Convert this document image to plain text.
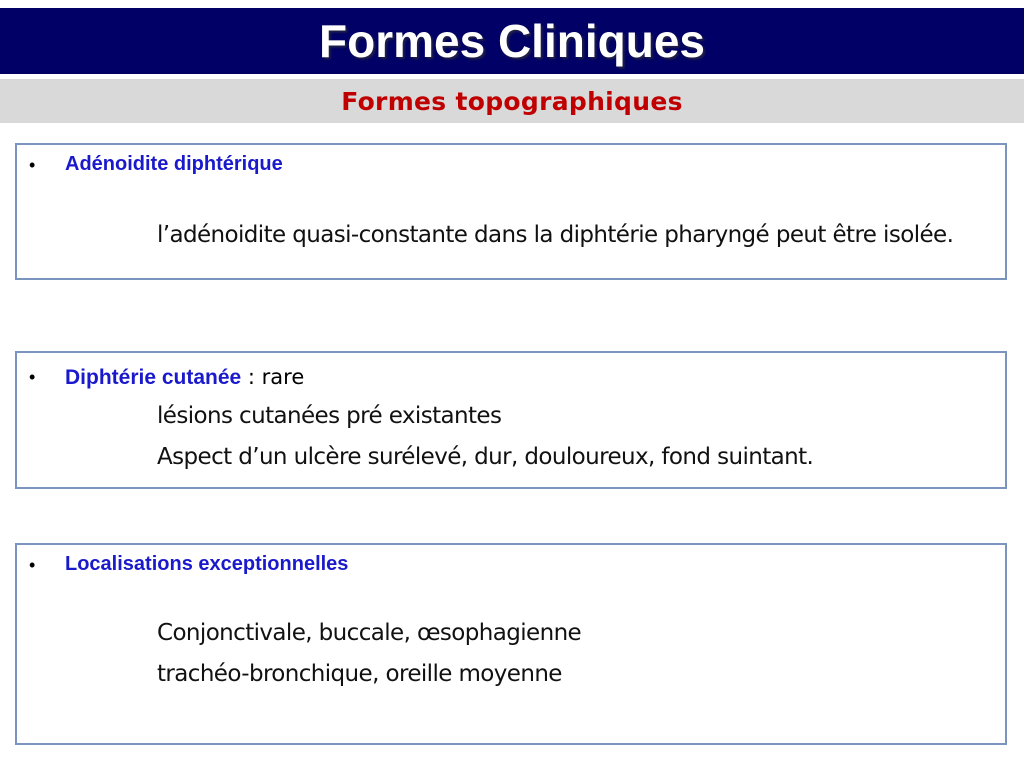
Formes Cliniques
Formes topographiques
• Adénoidite diphtérique
l’adénoidite quasi-constante dans la diphtérie pharyngé peut être isolée.
• Diphtérie cutanée : rare
lésions cutanées pré existantes
Aspect d’un ulcère surélevé, dur, douloureux, fond suintant.
• Localisations exceptionnelles
Conjonctivale, buccale, œsophagienne
trachéo-bronchique, oreille moyenne
